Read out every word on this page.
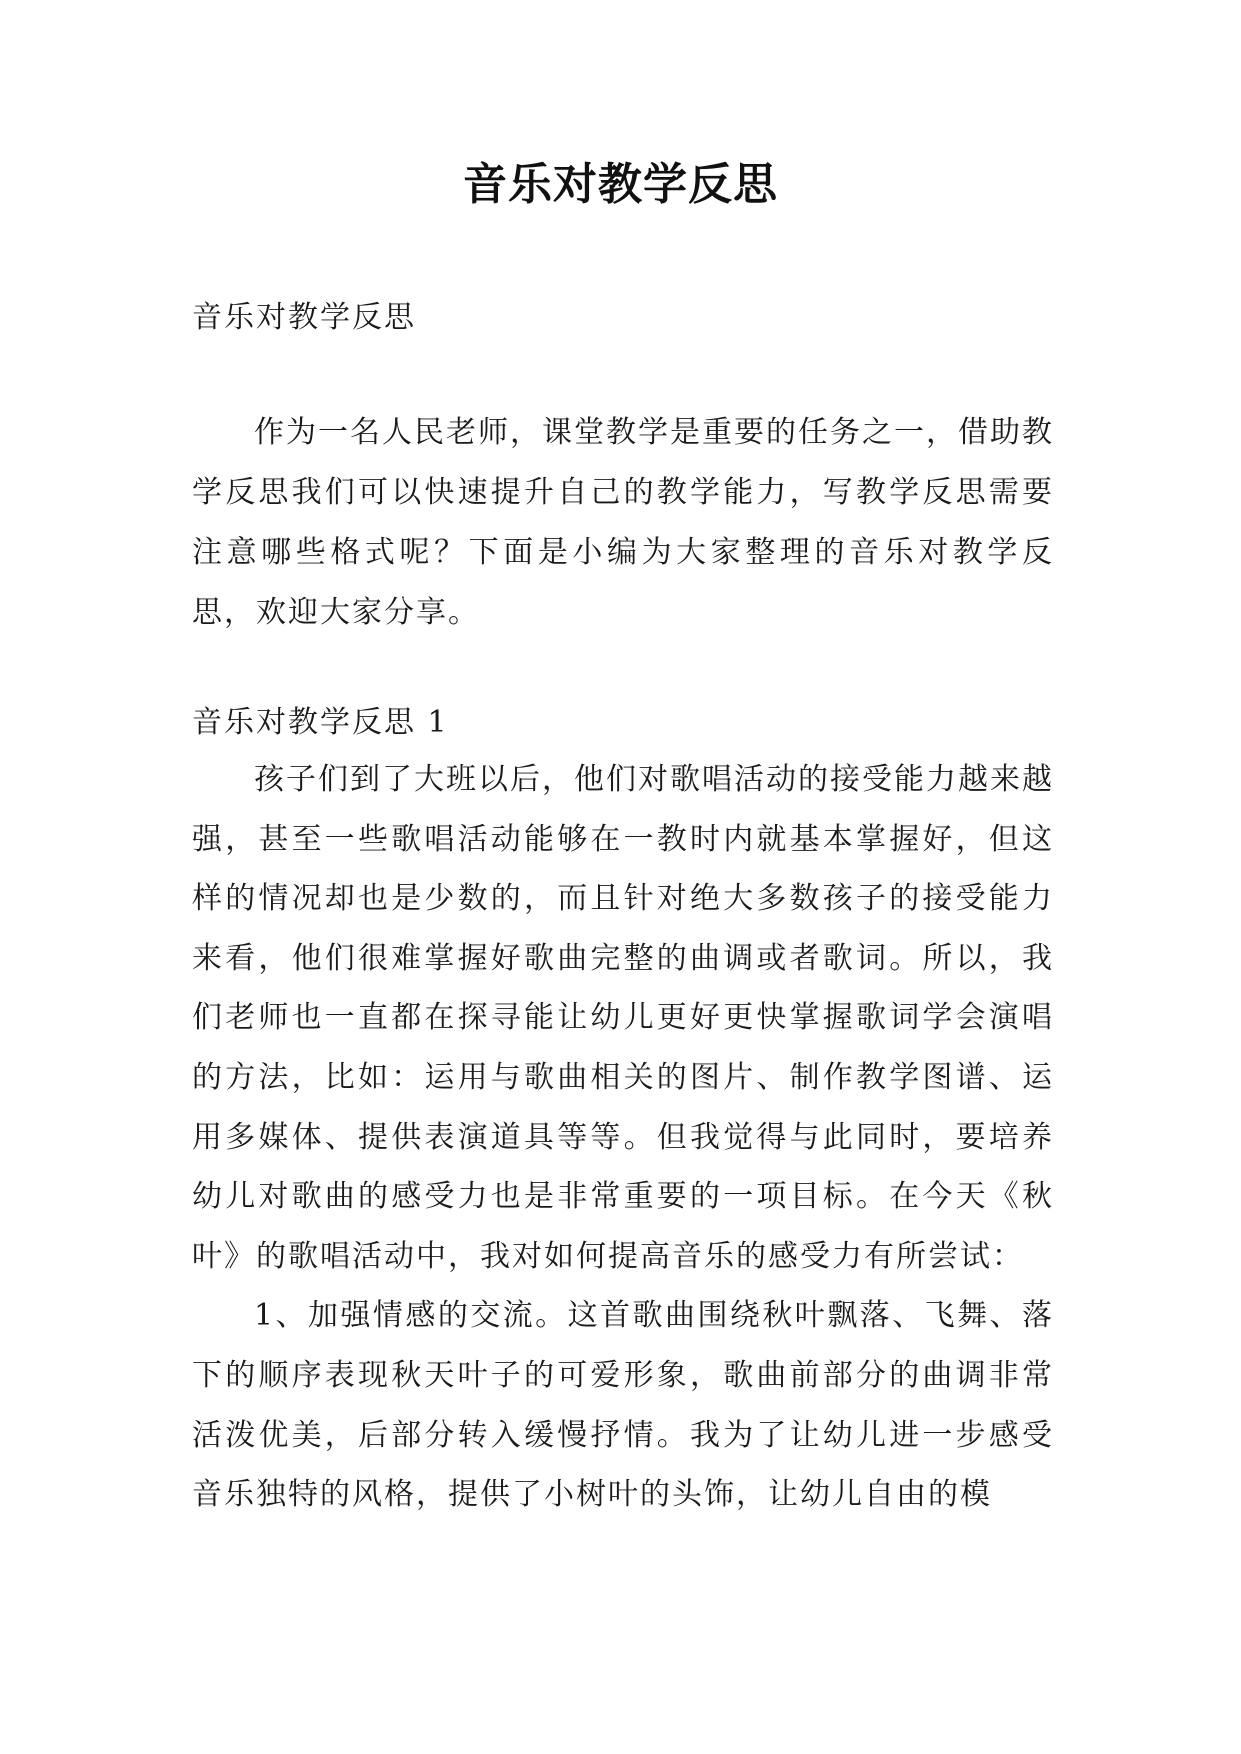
音乐对教学反思

音乐对教学反思

作为一名人民老师，课堂教学是重要的任务之一，借助教学反思我们可以快速提升自己的教学能力，写教学反思需要注意哪些格式呢？下面是小编为大家整理的音乐对教学反思，欢迎大家分享。

音乐对教学反思 1

孩子们到了大班以后，他们对歌唱活动的接受能力越来越强，甚至一些歌唱活动能够在一教时内就基本掌握好，但这样的情况却也是少数的，而且针对绝大多数孩子的接受能力来看，他们很难掌握好歌曲完整的曲调或者歌词。所以，我们老师也一直都在探寻能让幼儿更好更快掌握歌词学会演唱的方法，比如：运用与歌曲相关的图片、制作教学图谱、运用多媒体、提供表演道具等等。但我觉得与此同时，要培养幼儿对歌曲的感受力也是非常重要的一项目标。在今天《秋叶》的歌唱活动中，我对如何提高音乐的感受力有所尝试：

1、加强情感的交流。这首歌曲围绕秋叶飘落、飞舞、落下的顺序表现秋天叶子的可爱形象，歌曲前部分的曲调非常活泼优美，后部分转入缓慢抒情。我为了让幼儿进一步感受音乐独特的风格，提供了小树叶的头饰，让幼儿自由的模
